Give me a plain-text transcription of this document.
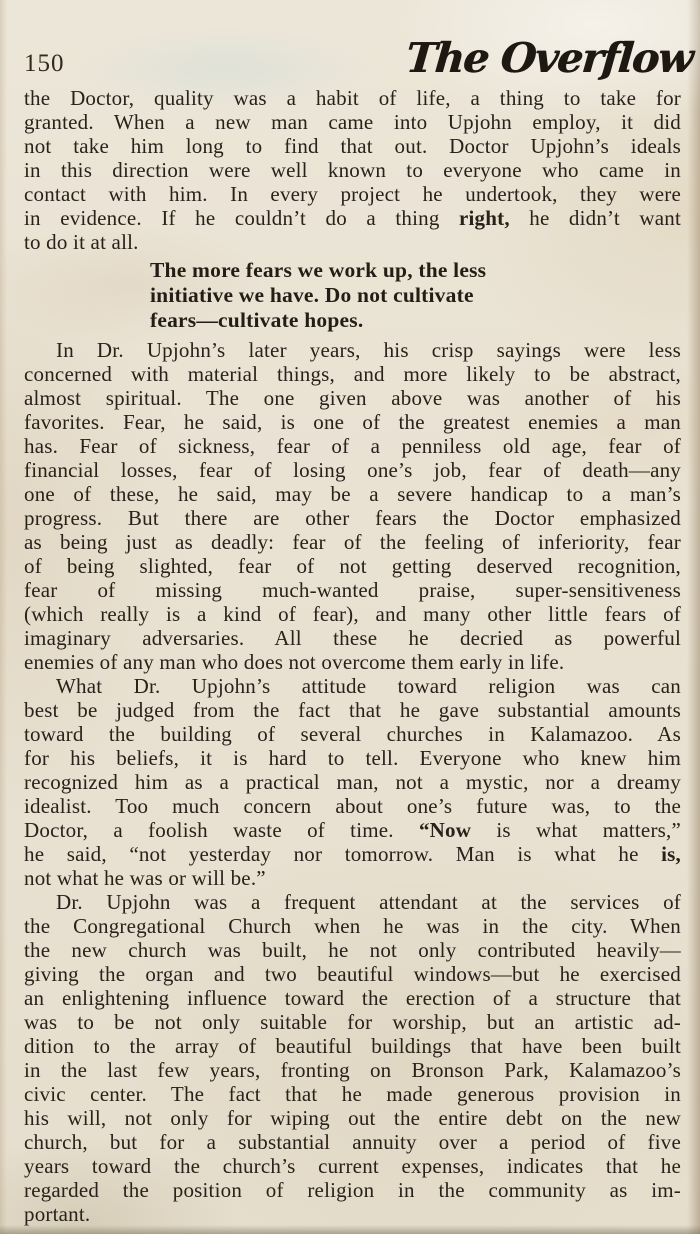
150	The Overflow
the Doctor, quality was a habit of life, a thing to take for
granted. When a new man came into Upjohn employ, it did
not take him long to find that out. Doctor Upjohn’s ideals
in this direction were well known to everyone who came in
contact with him. In every project he undertook, they were
in evidence. If he couldn’t do a thing right, he didn’t want
to do it at all.
The more fears we work up, the less
initiative we have. Do not cultivate
fears—cultivate hopes.
In Dr. Upjohn’s later years, his crisp sayings were less
concerned with material things, and more likely to be abstract,
almost spiritual. The one given above was another of his
favorites. Fear, he said, is one of the greatest enemies a man
has. Fear of sickness, fear of a penniless old age, fear of
financial losses, fear of losing one’s job, fear of death—any
one of these, he said, may be a severe handicap to a man’s
progress. But there are other fears the Doctor emphasized
as being just as deadly: fear of the feeling of inferiority, fear
of being slighted, fear of not getting deserved recognition,
fear of missing much-wanted praise, super-sensitiveness
(which really is a kind of fear), and many other little fears of
imaginary adversaries. All these he decried as powerful
enemies of any man who does not overcome them early in life.
What Dr. Upjohn’s attitude toward religion was can
best be judged from the fact that he gave substantial amounts
toward the building of several churches in Kalamazoo. As
for his beliefs, it is hard to tell. Everyone who knew him
recognized him as a practical man, not a mystic, nor a dreamy
idealist. Too much concern about one’s future was, to the
Doctor, a foolish waste of time. “Now is what matters,”
he said, “not yesterday nor tomorrow. Man is what he is,
not what he was or will be.”
Dr. Upjohn was a frequent attendant at the services of
the Congregational Church when he was in the city. When
the new church was built, he not only contributed heavily—
giving the organ and two beautiful windows—but he exercised
an enlightening influence toward the erection of a structure that
was to be not only suitable for worship, but an artistic ad-
dition to the array of beautiful buildings that have been built
in the last few years, fronting on Bronson Park, Kalamazoo’s
civic center. The fact that he made generous provision in
his will, not only for wiping out the entire debt on the new
church, but for a substantial annuity over a period of five
years toward the church’s current expenses, indicates that he
regarded the position of religion in the community as im-
portant.
